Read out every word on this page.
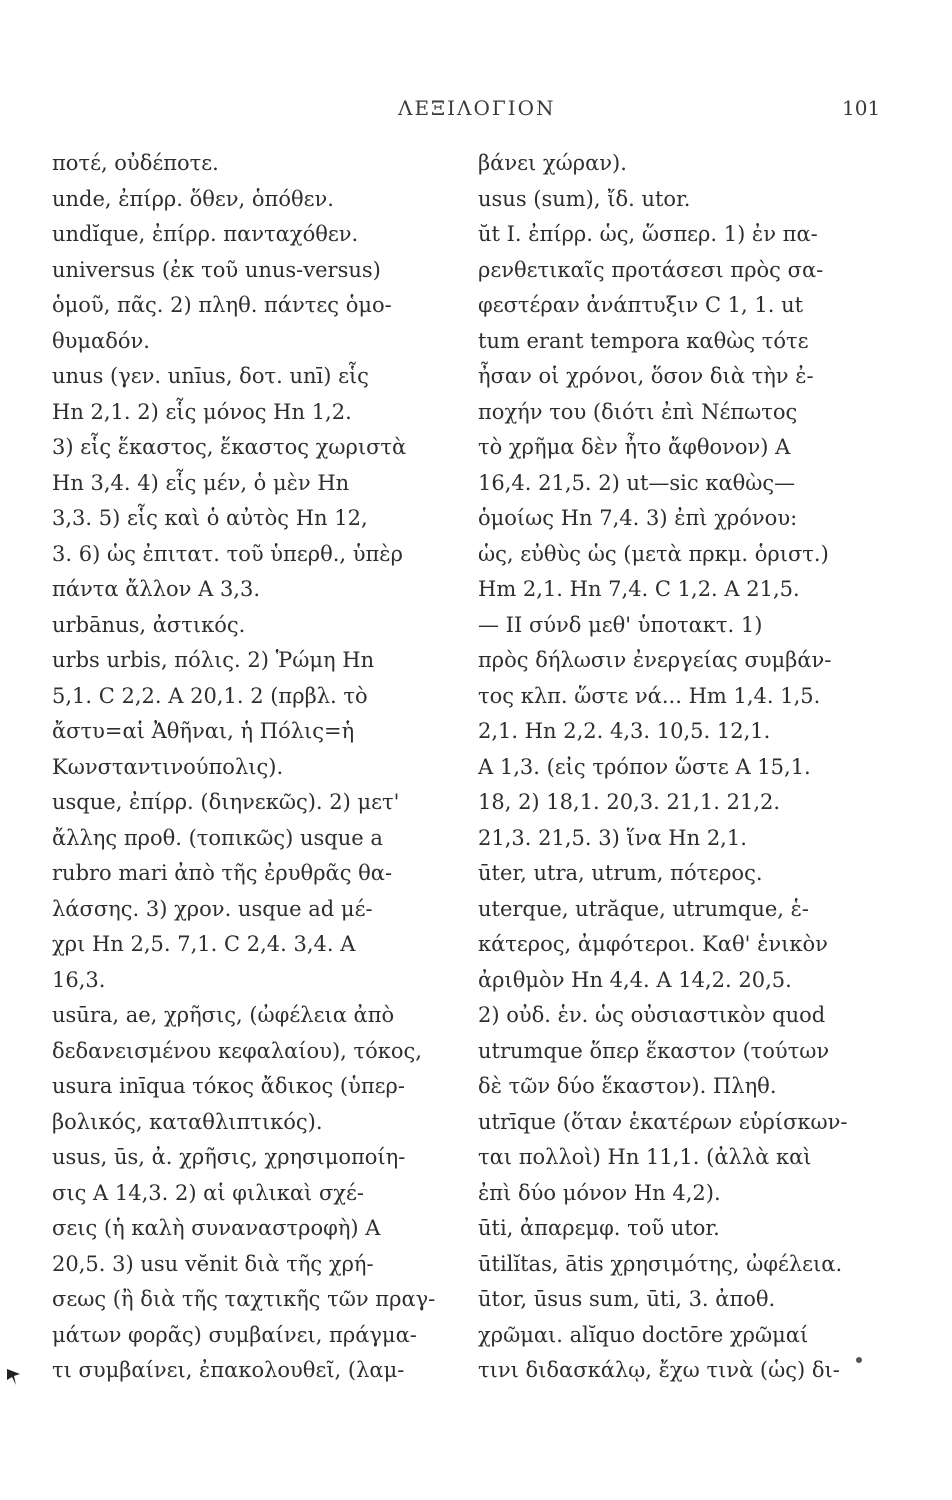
ΛΕΞΙΛΟΓΙΟΝ	101
ποτέ, οὐδέποτε.
unde, ἐπίρρ. ὅθεν, ὁπόθεν.
undĭque, ἐπίρρ. πανταχόθεν.
universus (ἐκ τοῦ unus-versus)
ὁμοῦ, πᾶς. 2) πληθ. πάντες ὁμο-
θυμαδόν.
unus (γεν. unīus, δοτ. unī) εἷς
Hn 2,1. 2) εἷς μόνος Hn 1,2.
3) εἷς ἕκαστος, ἕκαστος χωριστὰ
Hn 3,4. 4) εἷς μέν, ὁ μὲν Hn
3,3. 5) εἷς καὶ ὁ αὐτὸς Hn 12,
3. 6) ὡς ἐπιτατ. τοῦ ὑπερθ., ὑπὲρ
πάντα ἄλλον A 3,3.
urbānus, ἀστικός.
urbs urbis, πόλις. 2) Ῥώμη Hn
5,1. C 2,2. A 20,1. 2 (πρβλ. τὸ
ἄστυ=αἱ Ἀθῆναι, ἡ Πόλις=ἡ
Κωνσταντινούπολις).
usque, ἐπίρρ. (διηνεκῶς). 2) μετ'
ἄλλης προθ. (τοπικῶς) usque a
rubro mari ἀπὸ τῆς ἐρυθρᾶς θα-
λάσσης. 3) χρον. usque ad μέ-
χρι Hn 2,5. 7,1. C 2,4. 3,4. A
16,3.
usūra, ae, χρῆσις, (ὠφέλεια ἀπὸ
δεδανεισμένου κεφαλαίου), τόκος,
usura inīqua τόκος ἄδικος (ὑπερ-
βολικός, καταθλιπτικός).
usus, ūs, ἀ. χρῆσις, χρησιμοποίη-
σις A 14,3. 2) αἱ φιλικαὶ σχέ-
σεις (ἡ καλὴ συναναστροφὴ) A
20,5. 3) usu vĕnit διὰ τῆς χρή-
σεως (ἢ διὰ τῆς ταχτικῆς τῶν πραγ-
μάτων φορᾶς) συμβαίνει, πράγμα-
τι συμβαίνει, ἐπακολουθεῖ, (λαμ-
βάνει χώραν).
usus (sum), ἴδ. utor.
ŭt I. ἐπίρρ. ὡς, ὥσπερ. 1) ἐν πα-
ρενθετικαῖς προτάσεσι πρὸς σα-
φεστέραν ἀνάπτυξιν C 1, 1. ut
tum erant tempora καθὼς τότε
ἦσαν οἱ χρόνοι, ὅσον διὰ τὴν ἐ-
ποχήν του (διότι ἐπὶ Νέπωτος
τὸ χρῆμα δὲν ἦτο ἄφθονον) A
16,4. 21,5. 2) ut—sic καθὼς—
ὁμοίως Hn 7,4. 3) ἐπὶ χρόνου:
ὡς, εὐθὺς ὡς (μετὰ πρκμ. ὁριστ.)
Hm 2,1. Hn 7,4. C 1,2. A 21,5.
— II σύνδ μεθ' ὑποτακτ. 1)
πρὸς δήλωσιν ἐνεργείας συμβάν-
τος κλπ. ὥστε νά... Hm 1,4. 1,5.
2,1. Hn 2,2. 4,3. 10,5. 12,1.
A 1,3. (εἰς τρόπον ὥστε A 15,1.
18, 2) 18,1. 20,3. 21,1. 21,2.
21,3. 21,5. 3) ἵνα Hn 2,1.
ūter, utra, utrum, πότερος.
uterque, utrăque, utrumque, ἑ-
κάτερος, ἀμφότεροι. Καθ' ἑνικὸν
ἀριθμὸν Hn 4,4. A 14,2. 20,5.
2) οὐδ. ἑν. ὡς οὐσιαστικὸν quod
utrumque ὅπερ ἕκαστον (τούτων
δὲ τῶν δύο ἕκαστον). Πληθ.
utrīque (ὅταν ἑκατέρων εὑρίσκων-
ται πολλοὶ) Hn 11,1. (ἀλλὰ καὶ
ἐπὶ δύο μόνον Hn 4,2).
ūti, ἀπαρεμφ. τοῦ utor.
ūtilĭtas, ātis χρησιμότης, ὠφέλεια.
ūtor, ūsus sum, ūti, 3. ἀποθ.
χρῶμαι. alĭquo doctōre χρῶμαί
τινι διδασκάλῳ, ἔχω τινὰ (ὡς) δι-
